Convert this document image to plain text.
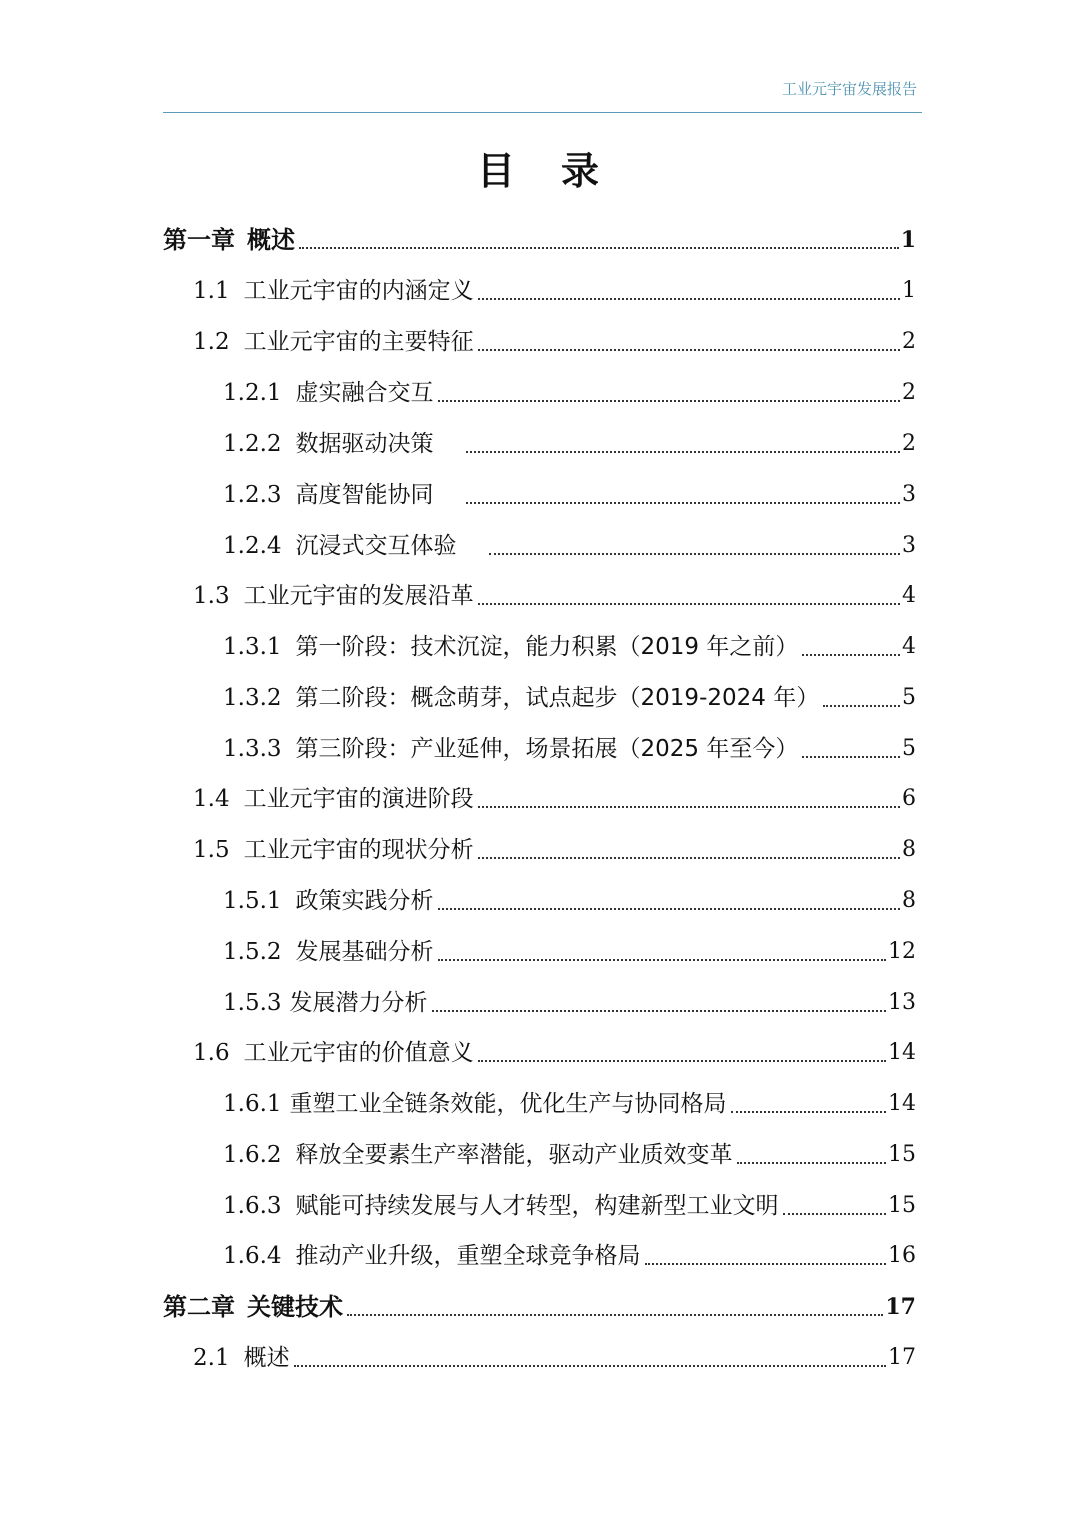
工业元宇宙发展报告
目　录
第一章 概述	1
1.1 工业元宇宙的内涵定义	1
1.2 工业元宇宙的主要特征	2
1.2.1 虚实融合交互	2
1.2.2 数据驱动决策	2
1.2.3 高度智能协同	3
1.2.4 沉浸式交互体验	3
1.3 工业元宇宙的发展沿革	4
1.3.1 第一阶段：技术沉淀，能力积累（2019 年之前）	4
1.3.2 第二阶段：概念萌芽，试点起步（2019-2024 年）	5
1.3.3 第三阶段：产业延伸，场景拓展（2025 年至今）	5
1.4 工业元宇宙的演进阶段	6
1.5 工业元宇宙的现状分析	8
1.5.1 政策实践分析	8
1.5.2 发展基础分析	12
1.5.3 发展潜力分析	13
1.6 工业元宇宙的价值意义	14
1.6.1 重塑工业全链条效能，优化生产与协同格局	14
1.6.2 释放全要素生产率潜能，驱动产业质效变革	15
1.6.3 赋能可持续发展与人才转型，构建新型工业文明	15
1.6.4 推动产业升级，重塑全球竞争格局	16
第二章 关键技术	17
2.1 概述	17
